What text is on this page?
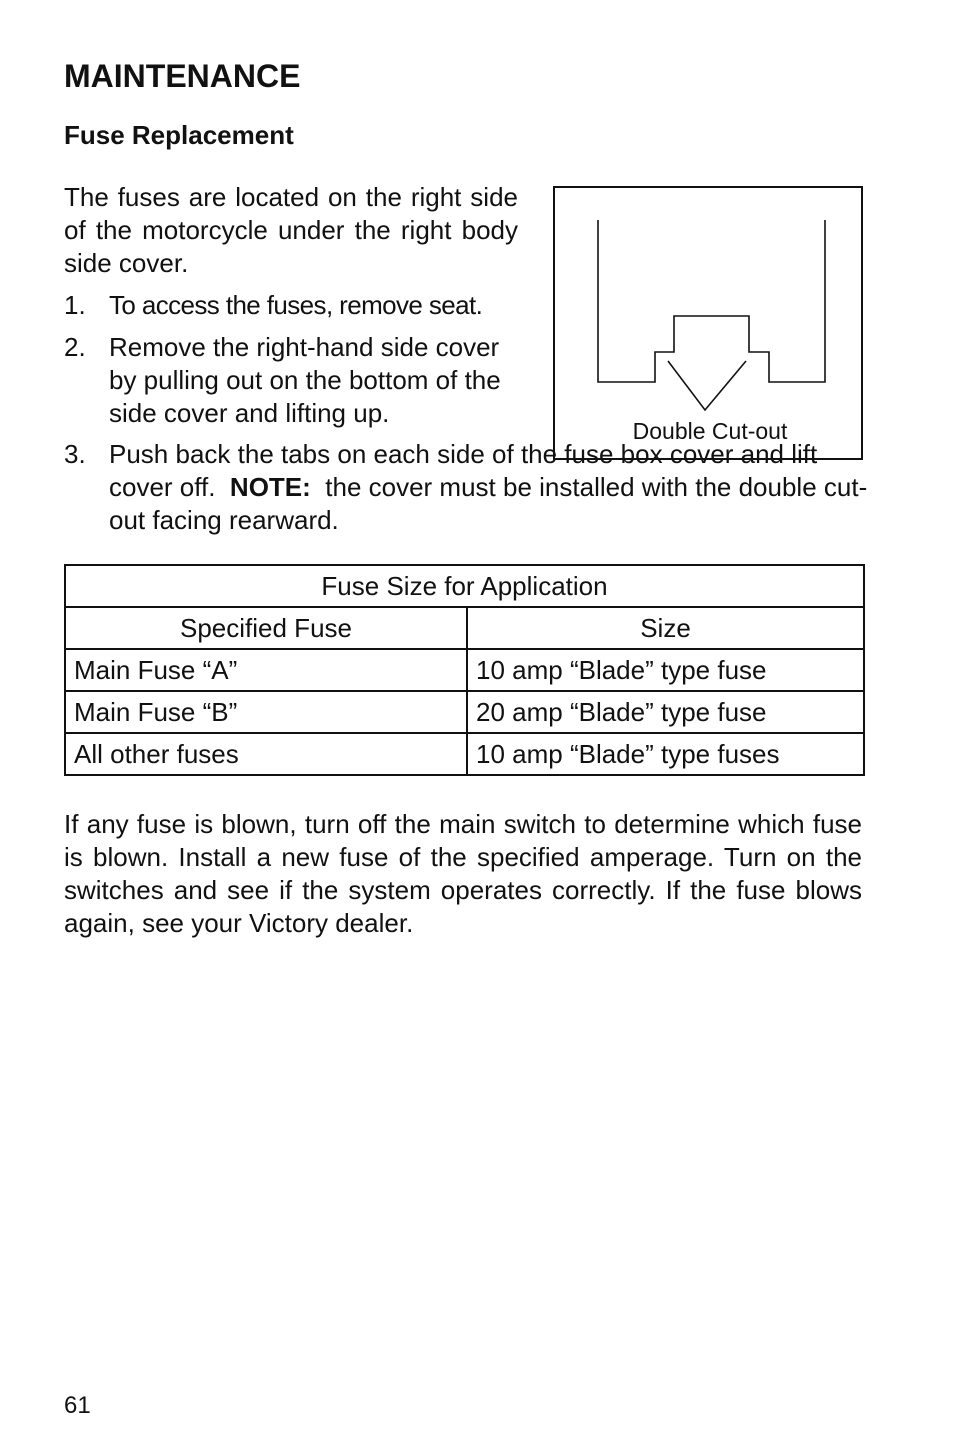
MAINTENANCE
Fuse Replacement

The fuses are located on the right side of the motorcycle under the right body side cover.

1. To access the fuses, remove seat.
2. Remove the right-hand side cover by pulling out on the bottom of the side cover and lifting up.
3. Push back the tabs on each side of the fuse box cover and lift cover off. NOTE: the cover must be installed with the double cut-out facing rearward.
Double Cut-out
Fuse Size for Application	
Specified Fuse	Size
Main Fuse “A”	10 amp “Blade” type fuse
Main Fuse “B”	20 amp “Blade” type fuse
All other fuses	10 amp “Blade” type fuses

If any fuse is blown, turn off the main switch to determine which fuse is blown. Install a new fuse of the specified amperage. Turn on the switches and see if the system operates correctly. If the fuse blows again, see your Victory dealer.

61
